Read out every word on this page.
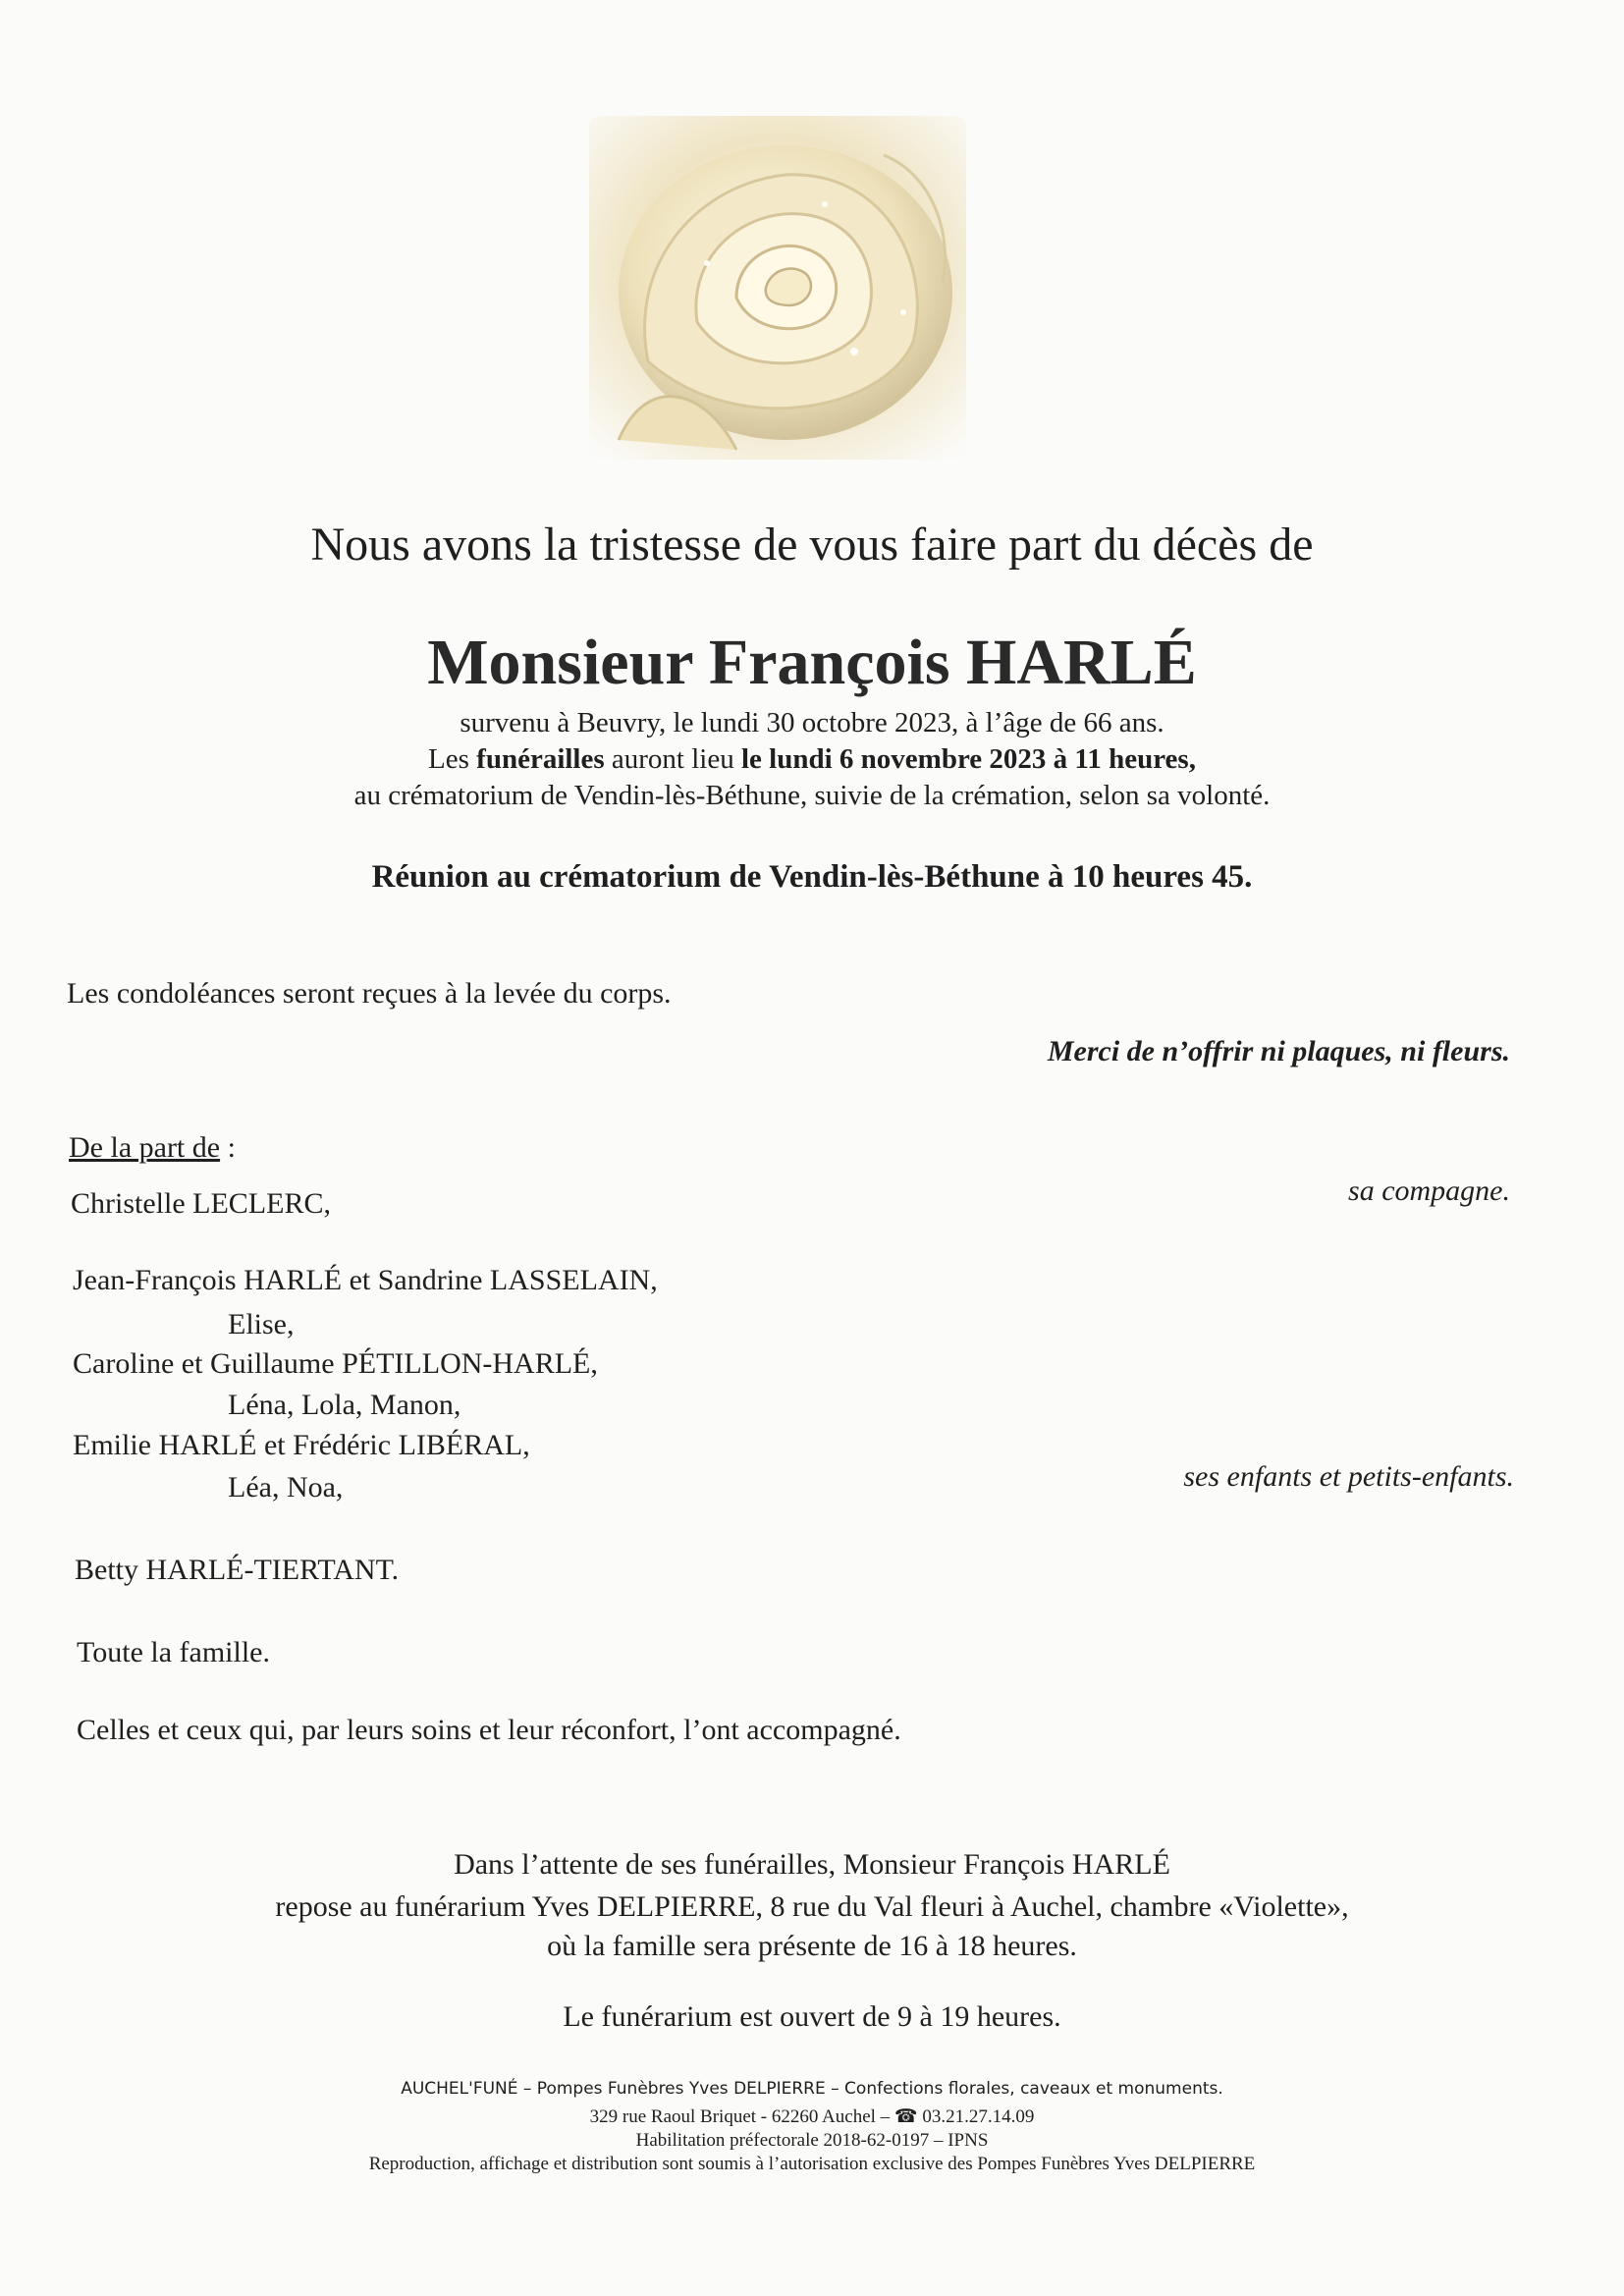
Nous avons la tristesse de vous faire part du décès de
Monsieur François HARLÉ
survenu à Beuvry, le lundi 30 octobre 2023, à l’âge de 66 ans.
Les funérailles auront lieu le lundi 6 novembre 2023 à 11 heures,
au crématorium de Vendin-lès-Béthune, suivie de la crémation, selon sa volonté.
Réunion au crématorium de Vendin-lès-Béthune à 10 heures 45.
Les condoléances seront reçues à la levée du corps.
Merci de n’offrir ni plaques, ni fleurs.
De la part de :
Christelle LECLERC,	sa compagne.
Jean-François HARLÉ et Sandrine LASSELAIN,
Elise,
Caroline et Guillaume PÉTILLON-HARLÉ,
Léna, Lola, Manon,
Emilie HARLÉ et Frédéric LIBÉRAL,
Léa, Noa,	ses enfants et petits-enfants.
Betty HARLÉ-TIERTANT.
Toute la famille.
Celles et ceux qui, par leurs soins et leur réconfort, l’ont accompagné.
Dans l’attente de ses funérailles, Monsieur François HARLÉ
repose au funérarium Yves DELPIERRE, 8 rue du Val fleuri à Auchel, chambre «Violette»,
où la famille sera présente de 16 à 18 heures.
Le funérarium est ouvert de 9 à 19 heures.
AUCHEL'FUNÉ – Pompes Funèbres Yves DELPIERRE – Confections florales, caveaux et monuments.
329 rue Raoul Briquet - 62260 Auchel – ☎ 03.21.27.14.09
Habilitation préfectorale 2018-62-0197 – IPNS
Reproduction, affichage et distribution sont soumis à l’autorisation exclusive des Pompes Funèbres Yves DELPIERRE
